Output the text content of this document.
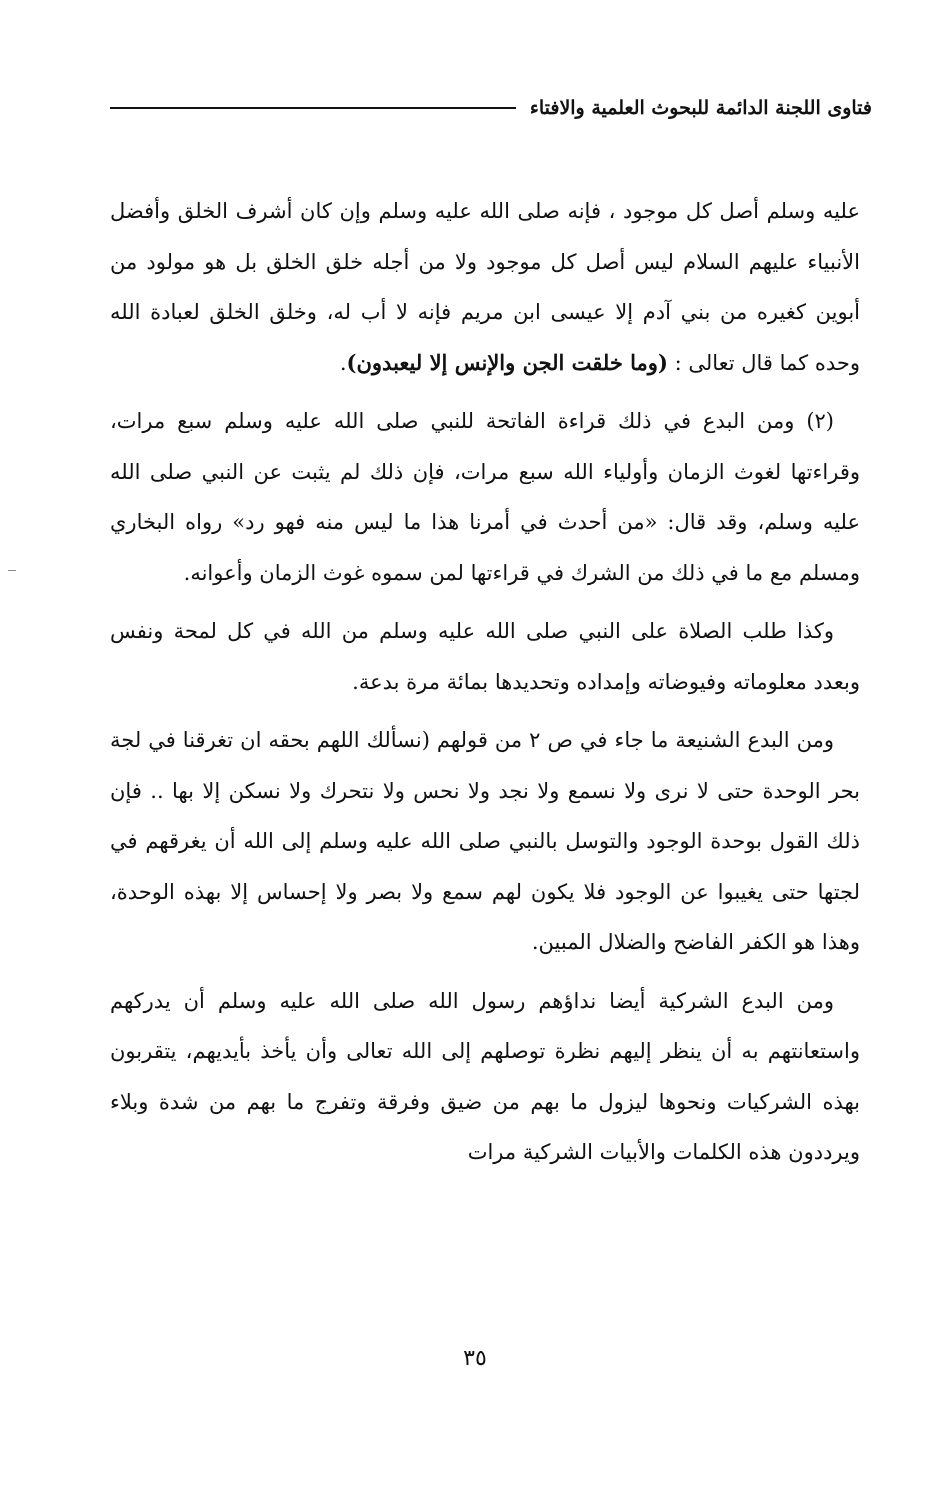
فتاوى اللجنة الدائمة للبحوث العلمية والافتاء

عليه وسلم أصل كل موجود ، فإنه صلى الله عليه وسلم وإن كان أشرف الخلق وأفضل الأنبياء عليهم السلام ليس أصل كل موجود ولا من أجله خلق الخلق بل هو مولود من أبوين كغيره من بني آدم إلا عيسى ابن مريم فإنه لا أب له، وخلق الخلق لعبادة الله وحده كما قال تعالى : (وما خلقت الجن والإنس إلا ليعبدون).

(٢) ومن البدع في ذلك قراءة الفاتحة للنبي صلى الله عليه وسلم سبع مرات، وقراءتها لغوث الزمان وأولياء الله سبع مرات، فإن ذلك لم يثبت عن النبي صلى الله عليه وسلم، وقد قال: «من أحدث في أمرنا هذا ما ليس منه فهو رد» رواه البخاري ومسلم مع ما في ذلك من الشرك في قراءتها لمن سموه غوث الزمان وأعوانه.

وكذا طلب الصلاة على النبي صلى الله عليه وسلم من الله في كل لمحة ونفس وبعدد معلوماته وفيوضاته وإمداده وتحديدها بمائة مرة بدعة.

ومن البدع الشنيعة ما جاء في ص ٢ من قولهم (نسألك اللهم بحقه ان تغرقنا في لجة بحر الوحدة حتى لا نرى ولا نسمع ولا نجد ولا نحس ولا نتحرك ولا نسكن إلا بها .. فإن ذلك القول بوحدة الوجود والتوسل بالنبي صلى الله عليه وسلم إلى الله أن يغرقهم في لجتها حتى يغيبوا عن الوجود فلا يكون لهم سمع ولا بصر ولا إحساس إلا بهذه الوحدة، وهذا هو الكفر الفاضح والضلال المبين.

ومن البدع الشركية أيضا نداؤهم رسول الله صلى الله عليه وسلم أن يدركهم واستعانتهم به أن ينظر إليهم نظرة توصلهم إلى الله تعالى وأن يأخذ بأيديهم، يتقربون بهذه الشركيات ونحوها ليزول ما بهم من ضيق وفرقة وتفرج ما بهم من شدة وبلاء ويرددون هذه الكلمات والأبيات الشركية مرات

٣٥
